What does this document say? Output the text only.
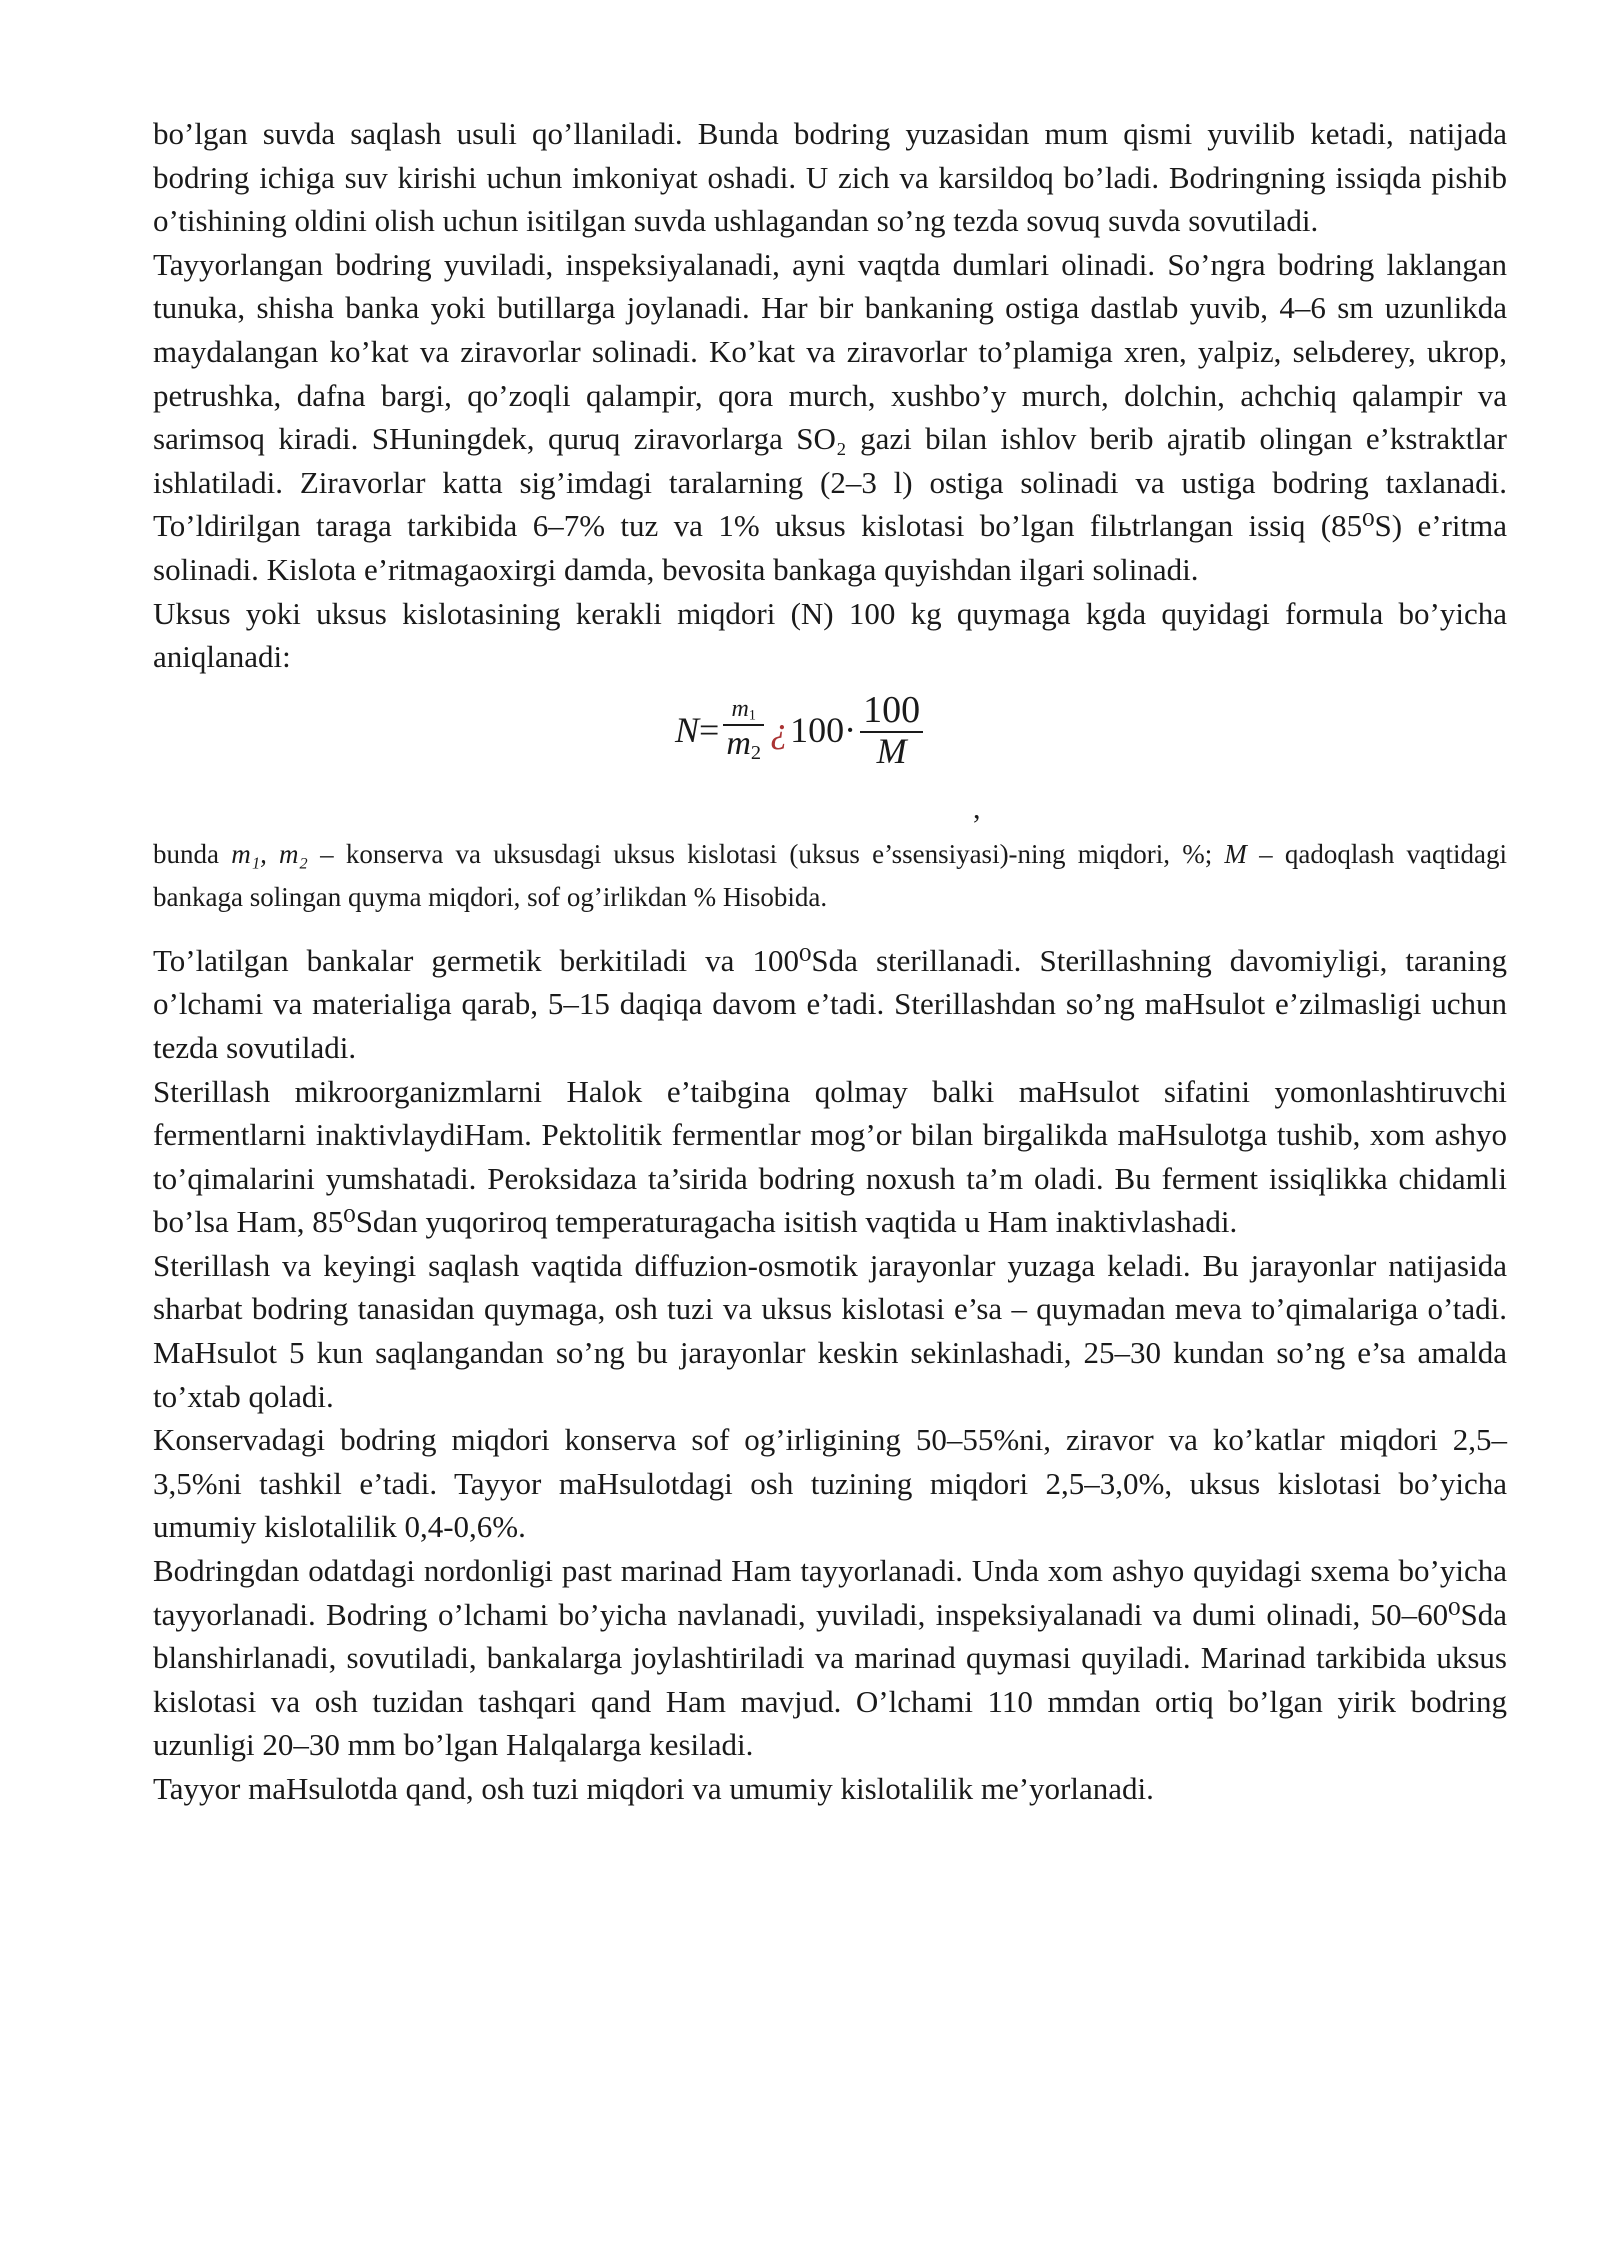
bo’lgan suvda saqlash usuli qo’llaniladi. Bunda bodring yuzasidan mum qismi yuvilib ketadi, natijada bodring ichiga suv kirishi uchun imkoniyat oshadi. U zich va karsildoq bo’ladi. Bodringning issiqda pishib o’tishining oldini olish uchun isitilgan suvda ushlagandan so’ng tezda sovuq suvda sovutiladi.

Tayyorlangan bodring yuviladi, inspeksiyalanadi, ayni vaqtda dumlari olinadi. So’ngra bodring laklangan tunuka, shisha banka yoki butillarga joylanadi. Har bir bankaning ostiga dastlab yuvib, 4–6 sm uzunlikda maydalangan ko’kat va ziravorlar solinadi. Ko’kat va ziravorlar to’plamiga xren, yalpiz, selьderey, ukrop, petrushka, dafna bargi, qo’zoqli qalampir, qora murch, xushbo’y murch, dolchin, achchiq qalampir va sarimsoq kiradi. SHuningdek, quruq ziravorlarga SO₂ gazi bilan ishlov berib ajratib olingan e’kstraktlar ishlatiladi. Ziravorlar katta sig’imdagi taralarning (2–3 l) ostiga solinadi va ustiga bodring taxlanadi. To’ldirilgan taraga tarkibida 6–7% tuz va 1% uksus kislotasi bo’lgan filьtrlangan issiq (85⁰S) e’ritma solinadi. Kislota e’ritmagaoxirgi damda, bevosita bankaga quyishdan ilgari solinadi.

Uksus yoki uksus kislotasining kerakli miqdori (N) 100 kg quymaga kgda quyidagi formula bo’yicha aniqlanadi:

$N = \frac{m_1}{m_2}$ ¿ $100\cdot \frac{100}{M}$
,

bunda m₁, m₂ – konserva va uksusdagi uksus kislotasi (uksus e’ssensiyasi)-ning miqdori, %; M – qadoqlash vaqtidagi bankaga solingan quyma miqdori, sof og’irlikdan % Hisobida.

To’latilgan bankalar germetik berkitiladi va 100⁰Sda sterillanadi. Sterillashning davomiyligi, taraning o’lchami va materialiga qarab, 5–15 daqiqa davom e’tadi. Sterillashdan so’ng maHsulot e’zilmasligi uchun tezda sovutiladi.

Sterillash mikroorganizmlarni Halok e’taibgina qolmay balki maHsulot sifatini yomonlashtiruvchi fermentlarni inaktivlaydiHam. Pektolitik fermentlar mog’or bilan birgalikda maHsulotga tushib, xom ashyo to’qimalarini yumshatadi. Peroksidaza ta’sirida bodring noxush ta’m oladi. Bu ferment issiqlikka chidamli bo’lsa Ham, 85⁰Sdan yuqoriroq temperaturagacha isitish vaqtida u Ham inaktivlashadi.

Sterillash va keyingi saqlash vaqtida diffuzion-osmotik jarayonlar yuzaga keladi. Bu jarayonlar natijasida sharbat bodring tanasidan quymaga, osh tuzi va uksus kislotasi e’sa – quymadan meva to’qimalariga o’tadi. MaHsulot 5 kun saqlangandan so’ng bu jarayonlar keskin sekinlashadi, 25–30 kundan so’ng e’sa amalda to’xtab qoladi.

Konservadagi bodring miqdori konserva sof og’irligining 50–55%ni, ziravor va ko’katlar miqdori 2,5–3,5%ni tashkil e’tadi. Tayyor maHsulotdagi osh tuzining miqdori 2,5–3,0%, uksus kislotasi bo’yicha umumiy kislotalilik 0,4-0,6%.

Bodringdan odatdagi nordonligi past marinad Ham tayyorlanadi. Unda xom ashyo quyidagi sxema bo’yicha tayyorlanadi. Bodring o’lchami bo’yicha navlanadi, yuviladi, inspeksiyalanadi va dumi olinadi, 50–60⁰Sda blanshirlanadi, sovutiladi, bankalarga joylashtiriladi va marinad quymasi quyiladi. Marinad tarkibida uksus kislotasi va osh tuzidan tashqari qand Ham mavjud. O’lchami 110 mmdan ortiq bo’lgan yirik bodring uzunligi 20–30 mm bo’lgan Halqalarga kesiladi.

Tayyor maHsulotda qand, osh tuzi miqdori va umumiy kislotalilik me’yorlanadi.
